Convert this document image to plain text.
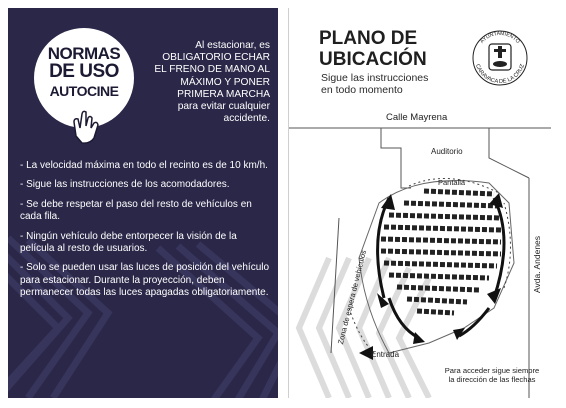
NORMAS
DE USO
AUTOCINE
Al estacionar, es
OBLIGATORIO ECHAR
EL FRENO DE MANO AL
MÁXIMO Y PONER
PRIMERA MARCHA
para evitar cualquier
accidente.
- La velocidad máxima en todo el recinto es de 10 km/h.
- Sigue las instrucciones de los acomodadores.
- Se debe respetar el paso del resto de vehículos en cada fila.
- Ningún vehículo debe entorpecer la visión de la película al resto de usuarios.
- Solo se pueden usar las luces de posición del vehículo para estacionar. Durante la proyección, deben permanecer todas las luces apagadas obligatoriamente.
PLANO DE
UBICACIÓN
Sigue las instrucciones
en todo momento
AYUNTAMIENTO
CARAVACA DE LA CRUZ
Calle Mayrena
Auditorio
Pantalla
Avda. Andenes
Zona de espera de vehículos
Entrada
Para acceder sigue siempre
la dirección de las flechas
